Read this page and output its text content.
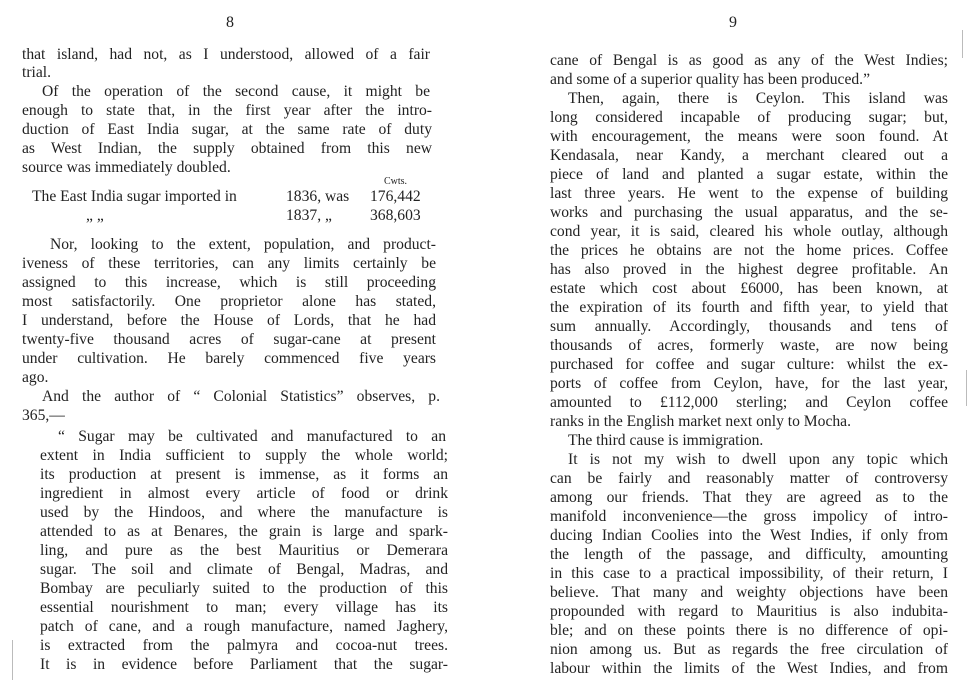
8
that island, had not, as I understood, allowed of a fair
trial.
Of the operation of the second cause, it might be
enough to state that, in the first year after the intro-
duction of East India sugar, at the same rate of duty
as West Indian, the supply obtained from this new
source was immediately doubled.
Cwts.
The East India sugar imported in	1836, was 176,442
„ „	1837, „ 368,603
Nor, looking to the extent, population, and product-
iveness of these territories, can any limits certainly be
assigned to this increase, which is still proceeding
most satisfactorily. One proprietor alone has stated,
I understand, before the House of Lords, that he had
twenty-five thousand acres of sugar-cane at present
under cultivation. He barely commenced five years
ago.
And the author of “ Colonial Statistics” observes, p.
365,—
“ Sugar may be cultivated and manufactured to an
extent in India sufficient to supply the whole world;
its production at present is immense, as it forms an
ingredient in almost every article of food or drink
used by the Hindoos, and where the manufacture is
attended to as at Benares, the grain is large and spark-
ling, and pure as the best Mauritius or Demerara
sugar. The soil and climate of Bengal, Madras, and
Bombay are peculiarly suited to the production of this
essential nourishment to man; every village has its
patch of cane, and a rough manufacture, named Jaghery,
is extracted from the palmyra and cocoa-nut trees.
It is in evidence before Parliament that the sugar-
9
cane of Bengal is as good as any of the West Indies;
and some of a superior quality has been produced.”
Then, again, there is Ceylon. This island was
long considered incapable of producing sugar; but,
with encouragement, the means were soon found. At
Kendasala, near Kandy, a merchant cleared out a
piece of land and planted a sugar estate, within the
last three years. He went to the expense of building
works and purchasing the usual apparatus, and the se-
cond year, it is said, cleared his whole outlay, although
the prices he obtains are not the home prices. Coffee
has also proved in the highest degree profitable. An
estate which cost about £6000, has been known, at
the expiration of its fourth and fifth year, to yield that
sum annually. Accordingly, thousands and tens of
thousands of acres, formerly waste, are now being
purchased for coffee and sugar culture: whilst the ex-
ports of coffee from Ceylon, have, for the last year,
amounted to £112,000 sterling; and Ceylon coffee
ranks in the English market next only to Mocha.
The third cause is immigration.
It is not my wish to dwell upon any topic which
can be fairly and reasonably matter of controversy
among our friends. That they are agreed as to the
manifold inconvenience—the gross impolicy of intro-
ducing Indian Coolies into the West Indies, if only from
the length of the passage, and difficulty, amounting
in this case to a practical impossibility, of their return, I
believe. That many and weighty objections have been
propounded with regard to Mauritius is also indubita-
ble; and on these points there is no difference of opi-
nion among us. But as regards the free circulation of
labour within the limits of the West Indies, and from
